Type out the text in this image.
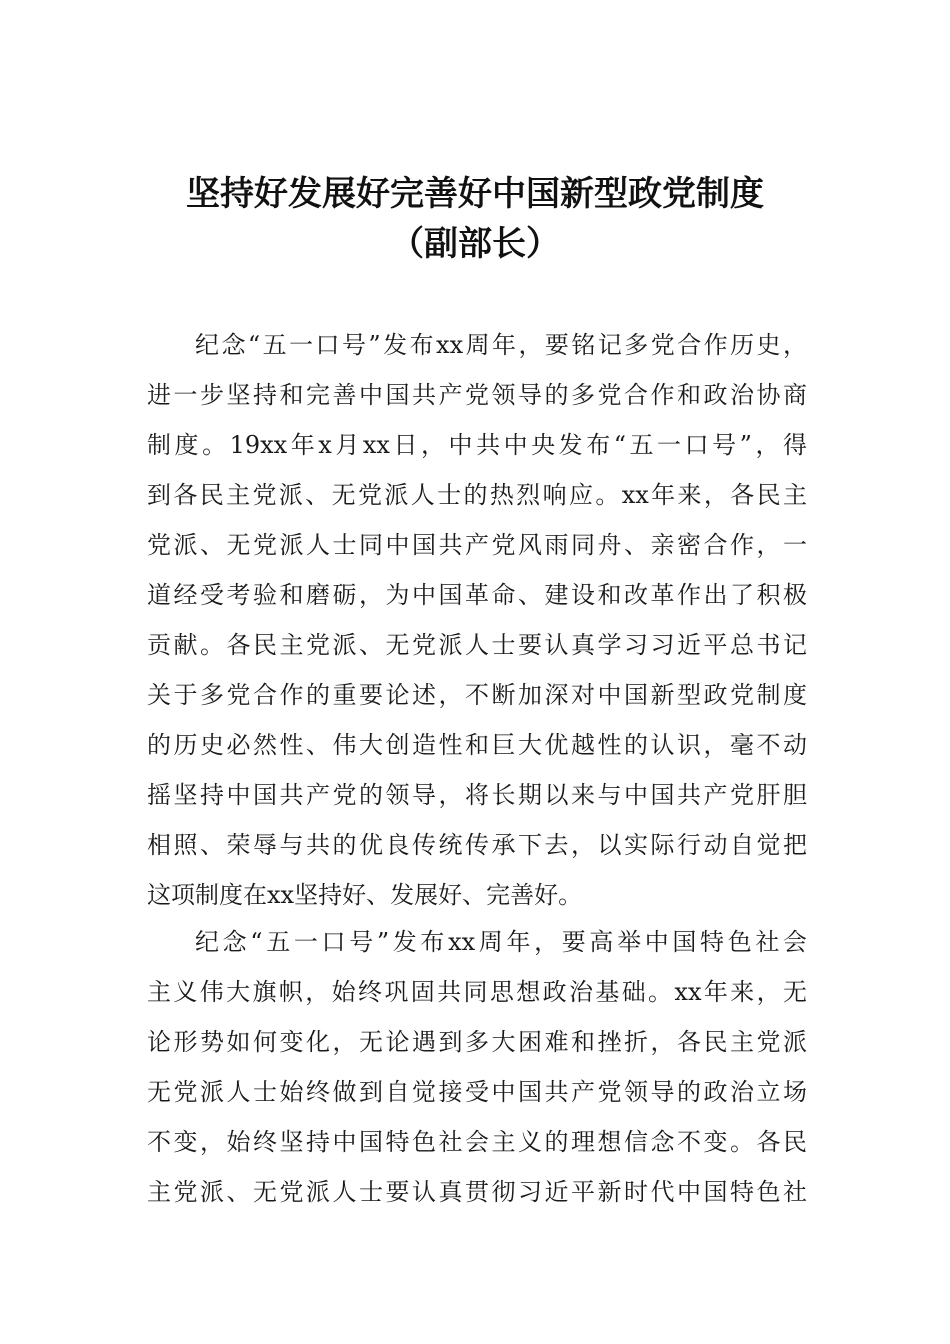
坚持好发展好完善好中国新型政党制度
（副部长）
纪念“五一口号”发布xx周年，要铭记多党合作历史，
进一步坚持和完善中国共产党领导的多党合作和政治协商
制度。19xx年x月xx日，中共中央发布“五一口号”，得
到各民主党派、无党派人士的热烈响应。xx年来，各民主
党派、无党派人士同中国共产党风雨同舟、亲密合作，一
道经受考验和磨砺，为中国革命、建设和改革作出了积极
贡献。各民主党派、无党派人士要认真学习习近平总书记
关于多党合作的重要论述，不断加深对中国新型政党制度
的历史必然性、伟大创造性和巨大优越性的认识，毫不动
摇坚持中国共产党的领导，将长期以来与中国共产党肝胆
相照、荣辱与共的优良传统传承下去，以实际行动自觉把
这项制度在xx坚持好、发展好、完善好。
纪念“五一口号”发布xx周年，要高举中国特色社会
主义伟大旗帜，始终巩固共同思想政治基础。xx年来，无
论形势如何变化，无论遇到多大困难和挫折，各民主党派
无党派人士始终做到自觉接受中国共产党领导的政治立场
不变，始终坚持中国特色社会主义的理想信念不变。各民
主党派、无党派人士要认真贯彻习近平新时代中国特色社
